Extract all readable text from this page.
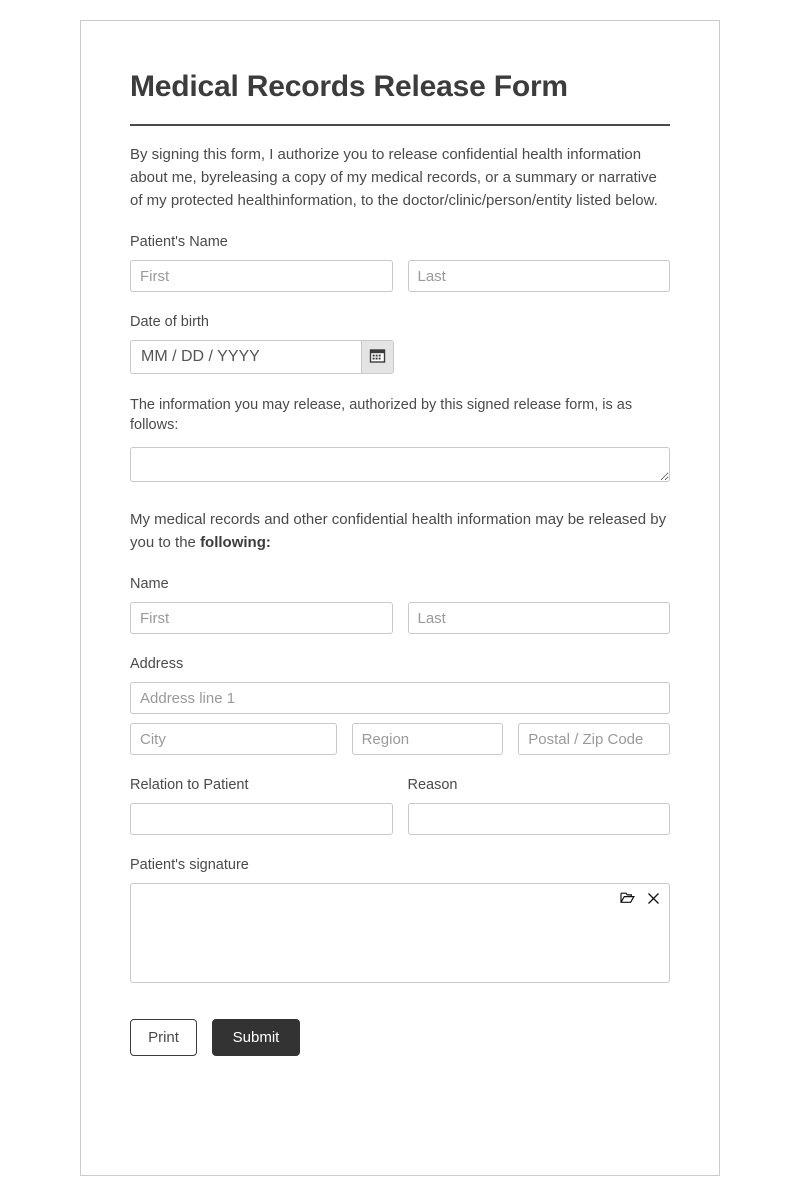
Medical Records Release Form

By signing this form, I authorize you to release confidential health information about me, byreleasing a copy of my medical records, or a summary or narrative of my protected healthinformation, to the doctor/clinic/person/entity listed below.

Patient's Name
First
Last
Date of birth
MM / DD / YYYY
The information you may release, authorized by this signed release form, is as follows:

My medical records and other confidential health information may be released by you to the following:

Name
First
Last
Address
Address line 1
City
Region
Postal / Zip Code
Relation to Patient	Reason
Patient's signature
Print	Submit
